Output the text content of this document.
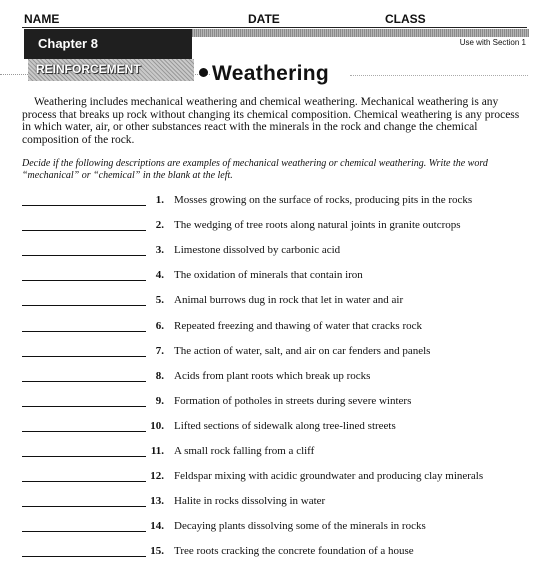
NAME	DATE	CLASS
Chapter 8	Use with Section 1
REINFORCEMENT	Weathering

Weathering includes mechanical weathering and chemical weathering. Mechanical weathering is any process that breaks up rock without changing its chemical composition. Chemical weathering is any process in which water, air, or other substances react with the minerals in the rock and change the chemical composition of the rock.

Decide if the following descriptions are examples of mechanical weathering or chemical weathering. Write the word “mechanical” or “chemical” in the blank at the left.

1. Mosses growing on the surface of rocks, producing pits in the rocks
2. The wedging of tree roots along natural joints in granite outcrops
3. Limestone dissolved by carbonic acid
4. The oxidation of minerals that contain iron
5. Animal burrows dug in rock that let in water and air
6. Repeated freezing and thawing of water that cracks rock
7. The action of water, salt, and air on car fenders and panels
8. Acids from plant roots which break up rocks
9. Formation of potholes in streets during severe winters
10. Lifted sections of sidewalk along tree-lined streets
11. A small rock falling from a cliff
12. Feldspar mixing with acidic groundwater and producing clay minerals
13. Halite in rocks dissolving in water
14. Decaying plants dissolving some of the minerals in rocks
15. Tree roots cracking the concrete foundation of a house
